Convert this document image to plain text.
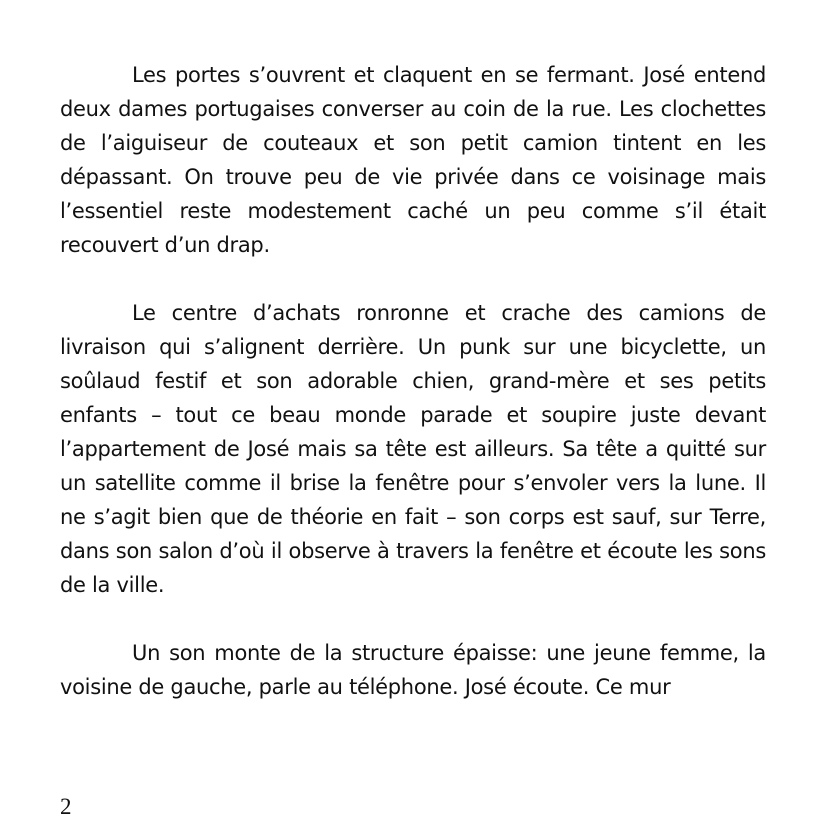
Les portes s’ouvrent et claquent en se fermant. José entend deux dames portugaises converser au coin de la rue. Les clochettes de l’aiguiseur de couteaux et son petit camion tintent en les dépassant. On trouve peu de vie privée dans ce voisinage mais l’essentiel reste modestement caché un peu comme s’il était recouvert d’un drap.

Le centre d’achats ronronne et crache des camions de livraison qui s’alignent derrière. Un punk sur une bicyclette, un soûlaud festif et son adorable chien, grand-mère et ses petits enfants – tout ce beau monde parade et soupire juste devant l’appartement de José mais sa tête est ailleurs. Sa tête a quitté sur un satellite comme il brise la fenêtre pour s’envoler vers la lune. Il ne s’agit bien que de théorie en fait – son corps est sauf, sur Terre, dans son salon d’où il observe à travers la fenêtre et écoute les sons de la ville.

Un son monte de la structure épaisse: une jeune femme, la voisine de gauche, parle au téléphone. José écoute. Ce mur

2
